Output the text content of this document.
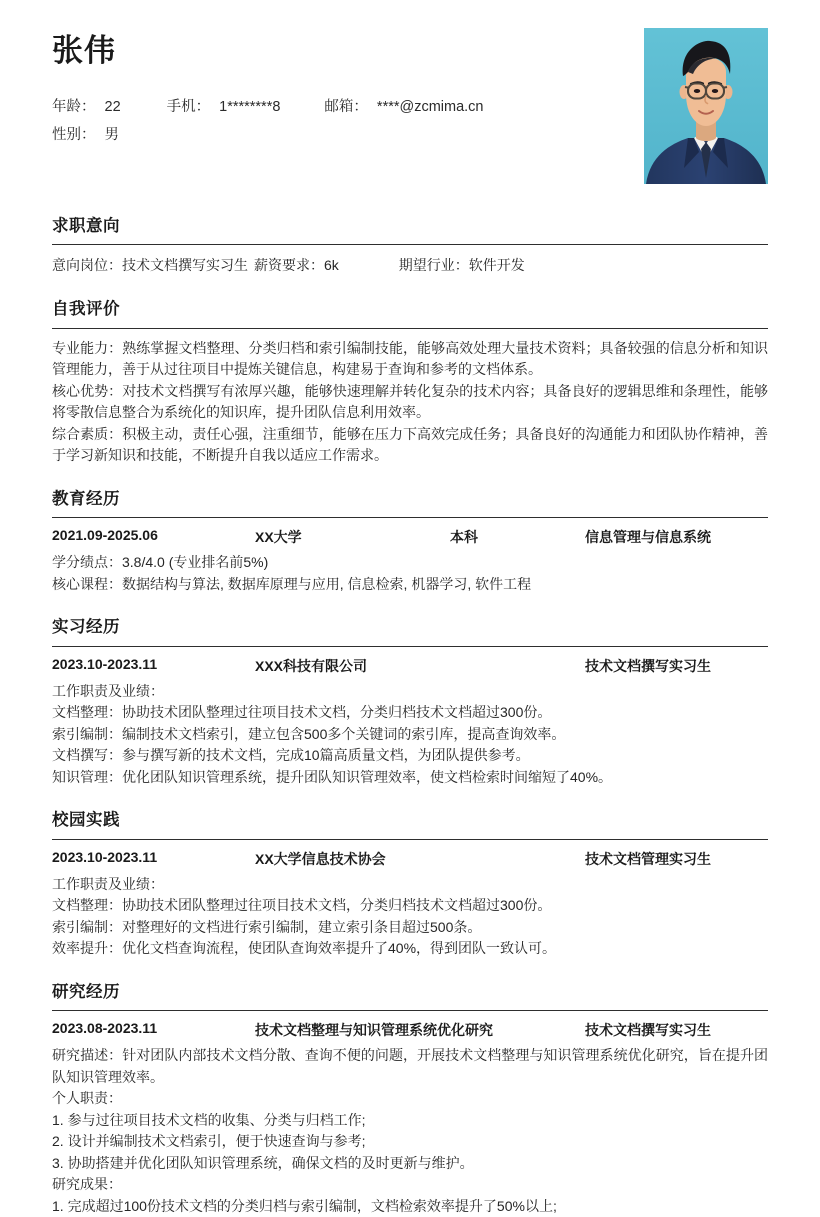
张伟
年龄： 22	手机： 1********8	邮箱： ****@zcmima.cn
性别： 男
求职意向
意向岗位： 技术文档撰写实习生 薪资要求： 6k	期望行业： 软件开发
自我评价

专业能力：熟练掌握文档整理、分类归档和索引编制技能，能够高效处理大量技术资料；具备较强的信息分析和知识管理能力，善于从过往项目中提炼关键信息，构建易于查询和参考的文档体系。

核心优势：对技术文档撰写有浓厚兴趣，能够快速理解并转化复杂的技术内容；具备良好的逻辑思维和条理性，能够将零散信息整合为系统化的知识库，提升团队信息利用效率。

综合素质：积极主动，责任心强，注重细节，能够在压力下高效完成任务；具备良好的沟通能力和团队协作精神，善于学习新知识和技能，不断提升自我以适应工作需求。

教育经历
2021.09-2025.06	XX大学	本科	信息管理与信息系统

学分绩点：3.8/4.0 (专业排名前5%)

核心课程：数据结构与算法, 数据库原理与应用, 信息检索, 机器学习, 软件工程

实习经历
2023.10-2023.11	XXX科技有限公司	技术文档撰写实习生

工作职责及业绩：

文档整理：协助技术团队整理过往项目技术文档，分类归档技术文档超过300份。

索引编制：编制技术文档索引，建立包含500多个关键词的索引库，提高查询效率。

文档撰写：参与撰写新的技术文档，完成10篇高质量文档，为团队提供参考。

知识管理：优化团队知识管理系统，提升团队知识管理效率，使文档检索时间缩短了40%。

校园实践
2023.10-2023.11	XX大学信息技术协会	技术文档管理实习生

工作职责及业绩：

文档整理：协助技术团队整理过往项目技术文档，分类归档技术文档超过300份。

索引编制：对整理好的文档进行索引编制，建立索引条目超过500条。

效率提升：优化文档查询流程，使团队查询效率提升了40%，得到团队一致认可。

研究经历
2023.08-2023.11	技术文档整理与知识管理系统优化研究	技术文档撰写实习生

研究描述：针对团队内部技术文档分散、查询不便的问题，开展技术文档整理与知识管理系统优化研究，旨在提升团队知识管理效率。

个人职责：

1. 参与过往项目技术文档的收集、分类与归档工作;

2. 设计并编制技术文档索引，便于快速查询与参考;

3. 协助搭建并优化团队知识管理系统，确保文档的及时更新与维护。

研究成果：

1. 完成超过100份技术文档的分类归档与索引编制，文档检索效率提升了50%以上;
